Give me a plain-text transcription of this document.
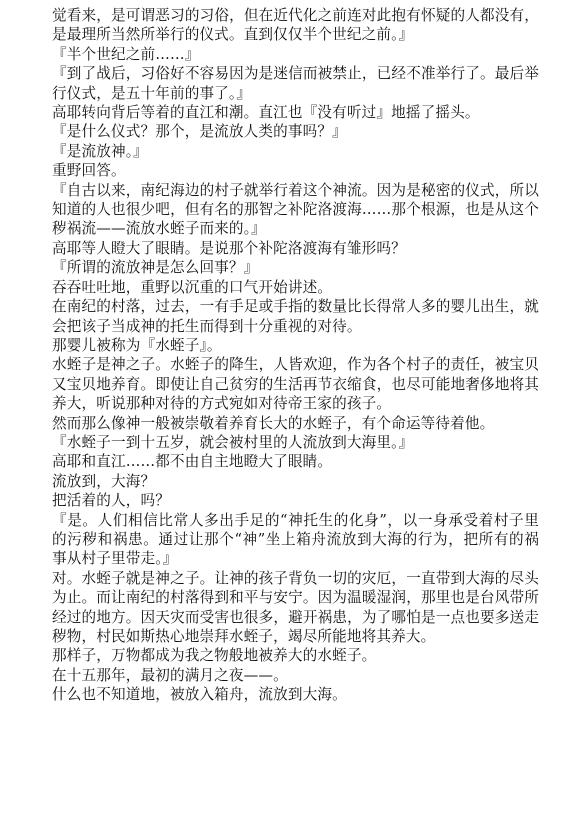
觉看来，是可谓恶习的习俗，但在近代化之前连对此抱有怀疑的人都没有，是最理所当然所举行的仪式。直到仅仅半个世纪之前。』

『半个世纪之前……』

『到了战后，习俗好不容易因为是迷信而被禁止，已经不准举行了。最后举行仪式，是五十年前的事了。』

高耶转向背后等着的直江和潮。直江也『没有听过』地摇了摇头。

『是什么仪式？那个，是流放人类的事吗？』

『是流放神。』

重野回答。

『自古以来，南纪海边的村子就举行着这个神流。因为是秘密的仪式，所以知道的人也很少吧，但有名的那智之补陀洛渡海……那个根源，也是从这个秽祸流——流放水蛭子而来的。』

高耶等人瞪大了眼睛。是说那个补陀洛渡海有雏形吗？

『所谓的流放神是怎么回事？』

吞吞吐吐地，重野以沉重的口气开始讲述。

在南纪的村落，过去，一有手足或手指的数量比长得常人多的婴儿出生，就会把该子当成神的托生而得到十分重视的对待。

那婴儿被称为『水蛭子』。

水蛭子是神之子。水蛭子的降生，人皆欢迎，作为各个村子的责任，被宝贝又宝贝地养育。即使让自己贫穷的生活再节衣缩食，也尽可能地奢侈地将其养大，听说那种对待的方式宛如对待帝王家的孩子。

然而那么像神一般被崇敬着养育长大的水蛭子，有个命运等待着他。

『水蛭子一到十五岁，就会被村里的人流放到大海里。』

高耶和直江……都不由自主地瞪大了眼睛。

流放到，大海？

把活着的人，吗？

『是。人们相信比常人多出手足的“神托生的化身”，以一身承受着村子里的污秽和祸患。通过让那个“神”坐上箱舟流放到大海的行为，把所有的祸事从村子里带走。』

对。水蛭子就是神之子。让神的孩子背负一切的灾厄，一直带到大海的尽头为止。而让南纪的村落得到和平与安宁。因为温暖湿润，那里也是台风带所经过的地方。因天灾而受害也很多，避开祸患，为了哪怕是一点也要多送走秽物，村民如斯热心地崇拜水蛭子，竭尽所能地将其养大。

那样子，万物都成为我之物般地被养大的水蛭子。

在十五那年，最初的满月之夜——。

什么也不知道地，被放入箱舟，流放到大海。
